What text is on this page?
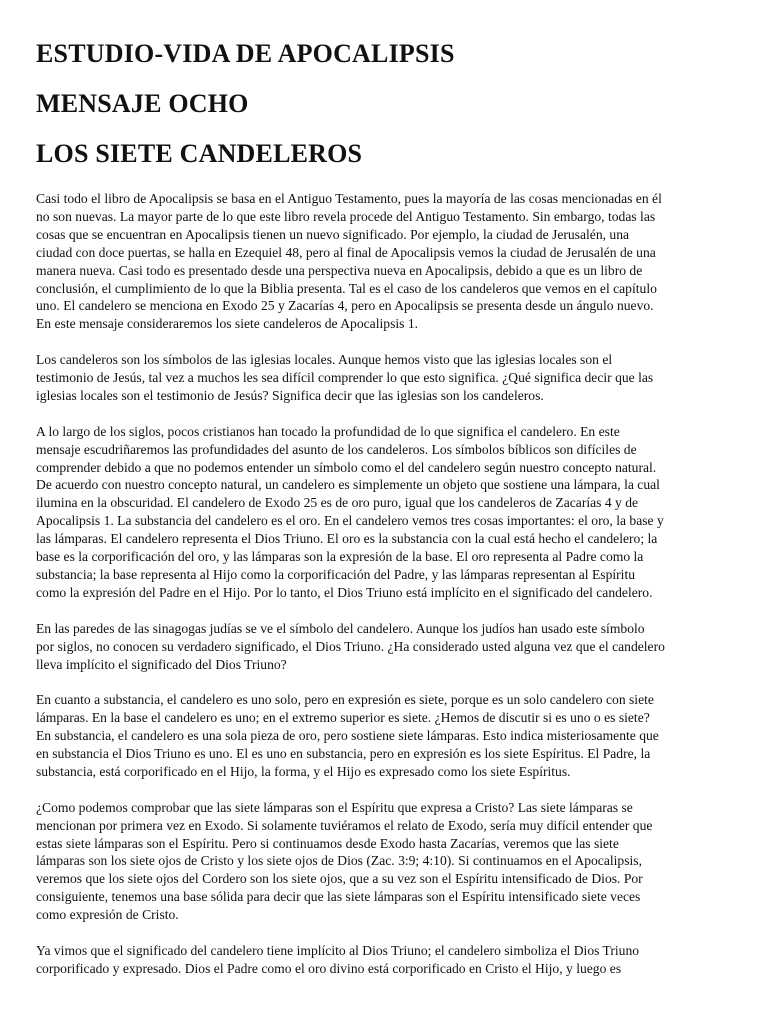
ESTUDIO-VIDA DE APOCALIPSIS
MENSAJE OCHO
LOS SIETE CANDELEROS

Casi todo el libro de Apocalipsis se basa en el Antiguo Testamento, pues la mayoría de las cosas mencionadas en él
no son nuevas. La mayor parte de lo que este libro revela procede del Antiguo Testamento. Sin embargo, todas las
cosas que se encuentran en Apocalipsis tienen un nuevo significado. Por ejemplo, la ciudad de Jerusalén, una
ciudad con doce puertas, se halla en Ezequiel 48, pero al final de Apocalipsis vemos la ciudad de Jerusalén de una
manera nueva. Casi todo es presentado desde una perspectiva nueva en Apocalipsis, debido a que es un libro de
conclusión, el cumplimiento de lo que la Biblia presenta. Tal es el caso de los candeleros que vemos en el capítulo
uno. El candelero se menciona en Exodo 25 y Zacarías 4, pero en Apocalipsis se presenta desde un ángulo nuevo.
En este mensaje consideraremos los siete candeleros de Apocalipsis 1.

Los candeleros son los símbolos de las iglesias locales. Aunque hemos visto que las iglesias locales son el
testimonio de Jesús, tal vez a muchos les sea difícil comprender lo que esto significa. ¿Qué significa decir que las
iglesias locales son el testimonio de Jesús? Significa decir que las iglesias son los candeleros.

A lo largo de los siglos, pocos cristianos han tocado la profundidad de lo que significa el candelero. En este
mensaje escudriñaremos las profundidades del asunto de los candeleros. Los símbolos bíblicos son difíciles de
comprender debido a que no podemos entender un símbolo como el del candelero según nuestro concepto natural.
De acuerdo con nuestro concepto natural, un candelero es simplemente un objeto que sostiene una lámpara, la cual
ilumina en la obscuridad. El candelero de Exodo 25 es de oro puro, igual que los candeleros de Zacarías 4 y de
Apocalipsis 1. La substancia del candelero es el oro. En el candelero vemos tres cosas importantes: el oro, la base y
las lámparas. El candelero representa el Dios Triuno. El oro es la substancia con la cual está hecho el candelero; la
base es la corporificación del oro, y las lámparas son la expresión de la base. El oro representa al Padre como la
substancia; la base representa al Hijo como la corporificación del Padre, y las lámparas representan al Espíritu
como la expresión del Padre en el Hijo. Por lo tanto, el Dios Triuno está implícito en el significado del candelero.

En las paredes de las sinagogas judías se ve el símbolo del candelero. Aunque los judíos han usado este símbolo
por siglos, no conocen su verdadero significado, el Dios Triuno. ¿Ha considerado usted alguna vez que el candelero
lleva implícito el significado del Dios Triuno?

En cuanto a substancia, el candelero es uno solo, pero en expresión es siete, porque es un solo candelero con siete
lámparas. En la base el candelero es uno; en el extremo superior es siete. ¿Hemos de discutir si es uno o es siete?
En substancia, el candelero es una sola pieza de oro, pero sostiene siete lámparas. Esto indica misteriosamente que
en substancia el Dios Triuno es uno. El es uno en substancia, pero en expresión es los siete Espíritus. El Padre, la
substancia, está corporificado en el Hijo, la forma, y el Hijo es expresado como los siete Espíritus.

¿Como podemos comprobar que las siete lámparas son el Espíritu que expresa a Cristo? Las siete lámparas se
mencionan por primera vez en Exodo. Si solamente tuviéramos el relato de Exodo, sería muy difícil entender que
estas siete lámparas son el Espíritu. Pero si continuamos desde Exodo hasta Zacarías, veremos que las siete
lámparas son los siete ojos de Cristo y los siete ojos de Dios (Zac. 3:9; 4:10). Si continuamos en el Apocalipsis,
veremos que los siete ojos del Cordero son los siete ojos, que a su vez son el Espíritu intensificado de Dios. Por
consiguiente, tenemos una base sólida para decir que las siete lámparas son el Espíritu intensificado siete veces
como expresión de Cristo.

Ya vimos que el significado del candelero tiene implícito al Dios Triuno; el candelero simboliza el Dios Triuno
corporificado y expresado. Dios el Padre como el oro divino está corporificado en Cristo el Hijo, y luego es
